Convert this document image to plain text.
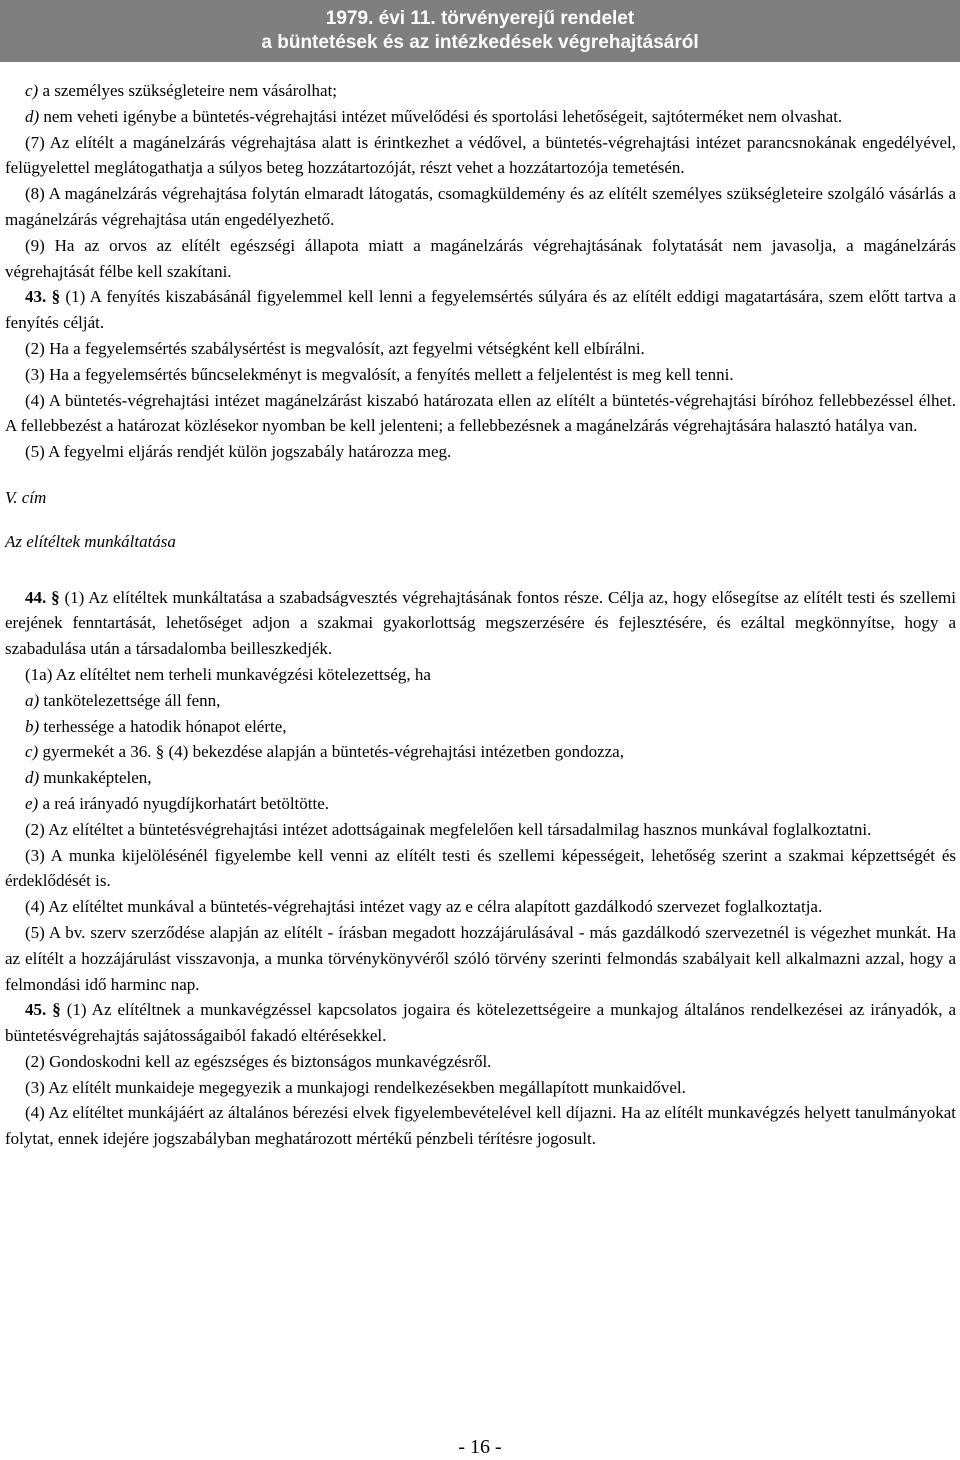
1979. évi 11. törvényerejű rendelet
a büntetések és az intézkedések végrehajtásáról

c) a személyes szükségleteire nem vásárolhat;

d) nem veheti igénybe a büntetés-végrehajtási intézet művelődési és sportolási lehetőségeit, sajtóterméket nem olvashat.

(7) Az elítélt a magánelzárás végrehajtása alatt is érintkezhet a védővel, a büntetés-végrehajtási intézet parancsnokának engedélyével, felügyelettel meglátogathatja a súlyos beteg hozzátartozóját, részt vehet a hozzátartozója temetésén.

(8) A magánelzárás végrehajtása folytán elmaradt látogatás, csomagküldemény és az elítélt személyes szükségleteire szolgáló vásárlás a magánelzárás végrehajtása után engedélyezhető.

(9) Ha az orvos az elítélt egészségi állapota miatt a magánelzárás végrehajtásának folytatását nem javasolja, a magánelzárás végrehajtását félbe kell szakítani.

43. § (1) A fenyítés kiszabásánál figyelemmel kell lenni a fegyelemsértés súlyára és az elítélt eddigi magatartására, szem előtt tartva a fenyítés célját.

(2) Ha a fegyelemsértés szabálysértést is megvalósít, azt fegyelmi vétségként kell elbírálni.

(3) Ha a fegyelemsértés bűncselekményt is megvalósít, a fenyítés mellett a feljelentést is meg kell tenni.

(4) A büntetés-végrehajtási intézet magánelzárást kiszabó határozata ellen az elítélt a büntetés-végrehajtási bíróhoz fellebbezéssel élhet. A fellebbezést a határozat közlésekor nyomban be kell jelenteni; a fellebbezésnek a magánelzárás végrehajtására halasztó hatálya van.

(5) A fegyelmi eljárás rendjét külön jogszabály határozza meg.

V. cím

Az elítéltek munkáltatása

44. § (1) Az elítéltek munkáltatása a szabadságvesztés végrehajtásának fontos része. Célja az, hogy elősegítse az elítélt testi és szellemi erejének fenntartását, lehetőséget adjon a szakmai gyakorlottság megszerzésére és fejlesztésére, és ezáltal megkönnyítse, hogy a szabadulása után a társadalomba beilleszkedjék.

(1a) Az elítéltet nem terheli munkavégzési kötelezettség, ha

a) tankötelezettsége áll fenn,

b) terhessége a hatodik hónapot elérte,

c) gyermekét a 36. § (4) bekezdése alapján a büntetés-végrehajtási intézetben gondozza,

d) munkaképtelen,

e) a reá irányadó nyugdíjkorhatárt betöltötte.

(2) Az elítéltet a büntetésvégrehajtási intézet adottságainak megfelelően kell társadalmilag hasznos munkával foglalkoztatni.

(3) A munka kijelölésénél figyelembe kell venni az elítélt testi és szellemi képességeit, lehetőség szerint a szakmai képzettségét és érdeklődését is.

(4) Az elítéltet munkával a büntetés-végrehajtási intézet vagy az e célra alapított gazdálkodó szervezet foglalkoztatja.

(5) A bv. szerv szerződése alapján az elítélt - írásban megadott hozzájárulásával - más gazdálkodó szervezetnél is végezhet munkát. Ha az elítélt a hozzájárulást visszavonja, a munka törvénykönyvéről szóló törvény szerinti felmondás szabályait kell alkalmazni azzal, hogy a felmondási idő harminc nap.

45. § (1) Az elítéltnek a munkavégzéssel kapcsolatos jogaira és kötelezettségeire a munkajog általános rendelkezései az irányadók, a büntetésvégrehajtás sajátosságaiból fakadó eltérésekkel.

(2) Gondoskodni kell az egészséges és biztonságos munkavégzésről.

(3) Az elítélt munkaideje megegyezik a munkajogi rendelkezésekben megállapított munkaidővel.

(4) Az elítéltet munkájáért az általános bérezési elvek figyelembevételével kell díjazni. Ha az elítélt munkavégzés helyett tanulmányokat folytat, ennek idejére jogszabályban meghatározott mértékű pénzbeli térítésre jogosult.

- 16 -
